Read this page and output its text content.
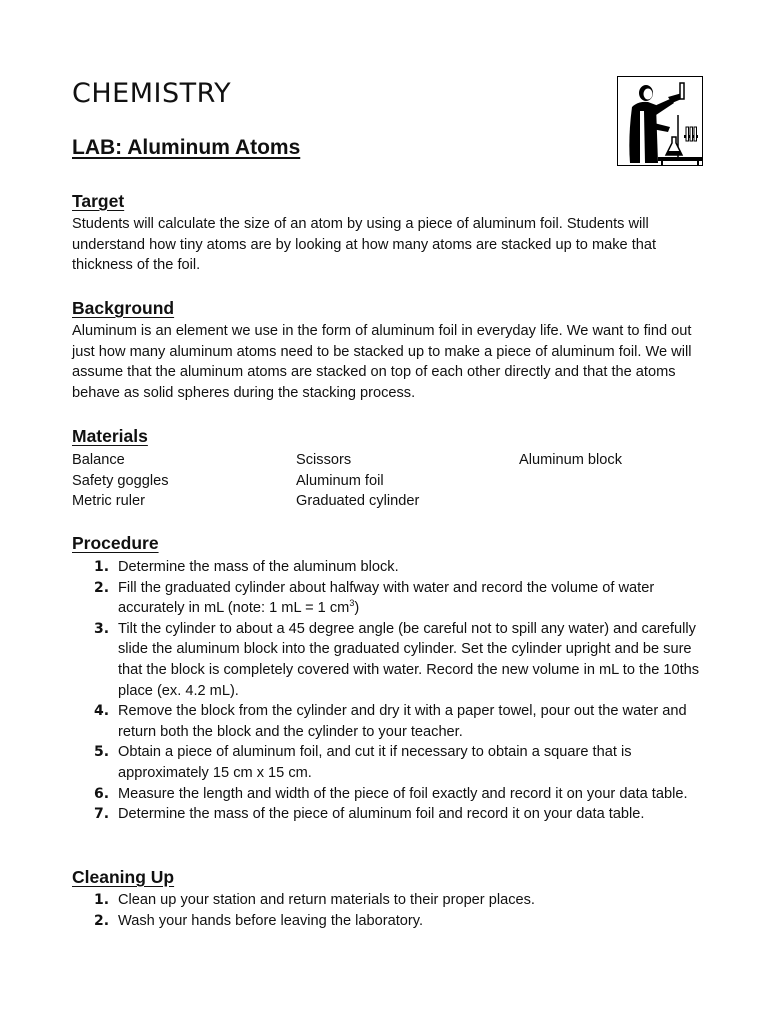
CHEMISTRY
LAB: Aluminum Atoms
Target
Students will calculate the size of an atom by using a piece of aluminum foil. Students will understand how tiny atoms are by looking at how many atoms are stacked up to make that thickness of the foil.
Background
Aluminum is an element we use in the form of aluminum foil in everyday life. We want to find out just how many aluminum atoms need to be stacked up to make a piece of aluminum foil. We will assume that the aluminum atoms are stacked on top of each other directly and that the atoms behave as solid spheres during the stacking process.
Materials
Balance
Safety goggles
Metric ruler
Scissors
Aluminum foil
Graduated cylinder
Aluminum block
Procedure
1. Determine the mass of the aluminum block.
2. Fill the graduated cylinder about halfway with water and record the volume of water accurately in mL (note: 1 mL = 1 $cm^3$)
3. Tilt the cylinder to about a 45 degree angle (be careful not to spill any water) and carefully slide the aluminum block into the graduated cylinder. Set the cylinder upright and be sure that the block is completely covered with water. Record the new volume in mL to the 10ths place (ex. 4.2 mL).
4. Remove the block from the cylinder and dry it with a paper towel, pour out the water and return both the block and the cylinder to your teacher.
5. Obtain a piece of aluminum foil, and cut it if necessary to obtain a square that is approximately 15 cm x 15 cm.
6. Measure the length and width of the piece of foil exactly and record it on your data table.
7. Determine the mass of the piece of aluminum foil and record it on your data table.
Cleaning Up
1. Clean up your station and return materials to their proper places.
2. Wash your hands before leaving the laboratory.
